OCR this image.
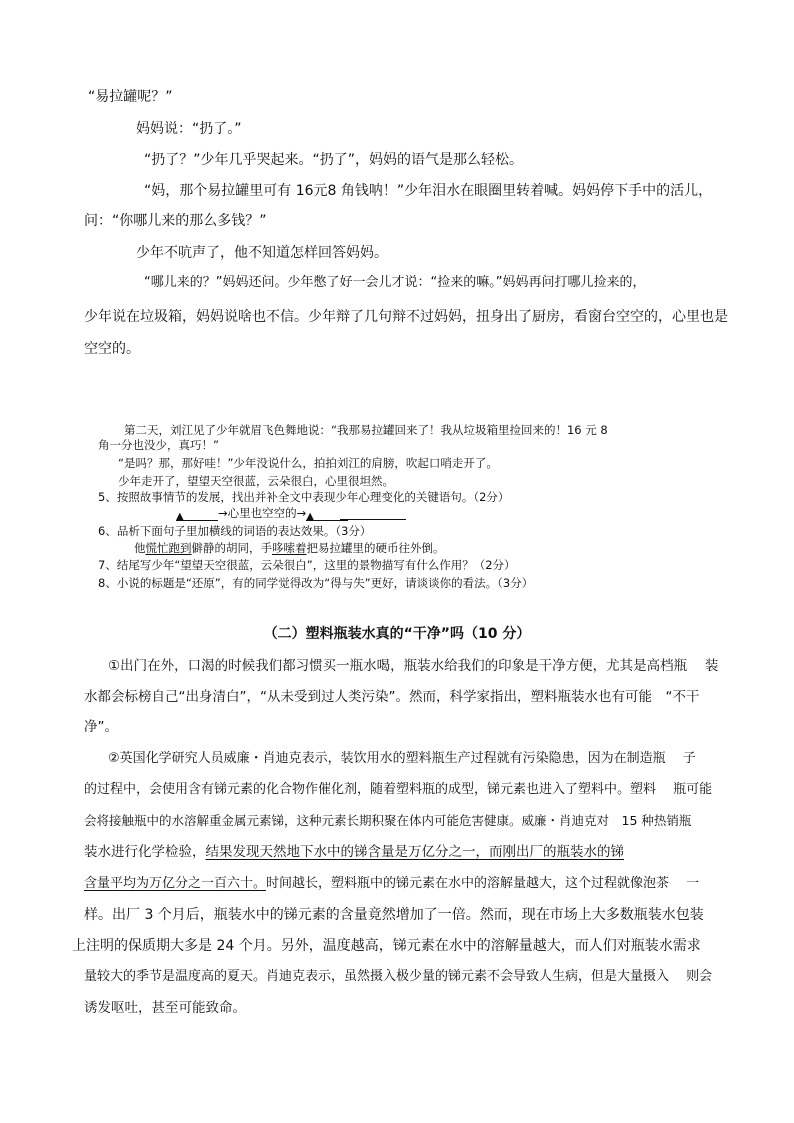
“易拉罐呢？”
妈妈说：“扔了。”
“扔了？”少年几乎哭起来。“扔了”，妈妈的语气是那么轻松。
“妈，那个易拉罐里可有 16元8 角钱呐！”少年泪水在眼圈里转着喊。妈妈停下手中的活儿，
问：“你哪儿来的那么多钱？”
少年不吭声了，他不知道怎样回答妈妈。
“哪儿来的？”妈妈还问。少年憋了好一会儿才说：“捡来的嘛。”妈妈再问打哪儿捡来的，
少年说在垃圾箱，妈妈说啥也不信。少年辩了几句辩不过妈妈，扭身出了厨房，看窗台空空的，心里也是
空空的。
第二天，刘江见了少年就眉飞色舞地说：“我那易拉罐回来了！我从垃圾箱里捡回来的！16 元 8
角一分也没少，真巧！”
“是吗？那，那好哇！”少年没说什么，拍拍刘江的肩膀，吹起口哨走开了。
少年走开了，望望天空很蓝，云朵很白，心里很坦然。
5、按照故事情节的发展，找出并补全文中表现少年心理变化的关键语句。（2分）
▲	→心里也空空的→▲
6、品析下面句子里加横线的词语的表达效果。（3分）
他慌忙跑到僻静的胡同，手哆嗦着把易拉罐里的硬币往外倒。
7、结尾写少年“望望天空很蓝，云朵很白”，这里的景物描写有什么作用？（2分）
8、小说的标题是“还原”，有的同学觉得改为“得与失”更好，请谈谈你的看法。（3分）
（二）塑料瓶装水真的“干净”吗（10 分）
①出门在外，口渴的时候我们都习惯买一瓶水喝，瓶装水给我们的印象是干净方便，尤其是高档瓶　 装
水都会标榜自己“出身清白”，“从未受到过人类污染”。然而，科学家指出，塑料瓶装水也有可能　“不干
净”。
②英国化学研究人员威廉・肖迪克表示，装饮用水的塑料瓶生产过程就有污染隐患，因为在制造瓶　 子
的过程中，会使用含有锑元素的化合物作催化剂，随着塑料瓶的成型，锑元素也进入了塑料中。塑料　 瓶可能
会将接触瓶中的水溶解重金属元素锑，这种元素长期积聚在体内可能危害健康。威廉・肖迪克对　15 种热销瓶
装水进行化学检验，结果发现天然地下水中的锑含量是万亿分之一，而刚出厂的瓶装水的锑
含量平均为万亿分之一百六十。时间越长，塑料瓶中的锑元素在水中的溶解量越大，这个过程就像泡茶　 一
样。出厂 3 个月后，瓶装水中的锑元素的含量竟然增加了一倍。然而，现在市场上大多数瓶装水包装
上注明的保质期大多是 24 个月。另外，温度越高，锑元素在水中的溶解量越大，而人们对瓶装水需求
量较大的季节是温度高的夏天。肖迪克表示，虽然摄入极少量的锑元素不会导致人生病，但是大量摄入　 则会
诱发呕吐，甚至可能致命。
